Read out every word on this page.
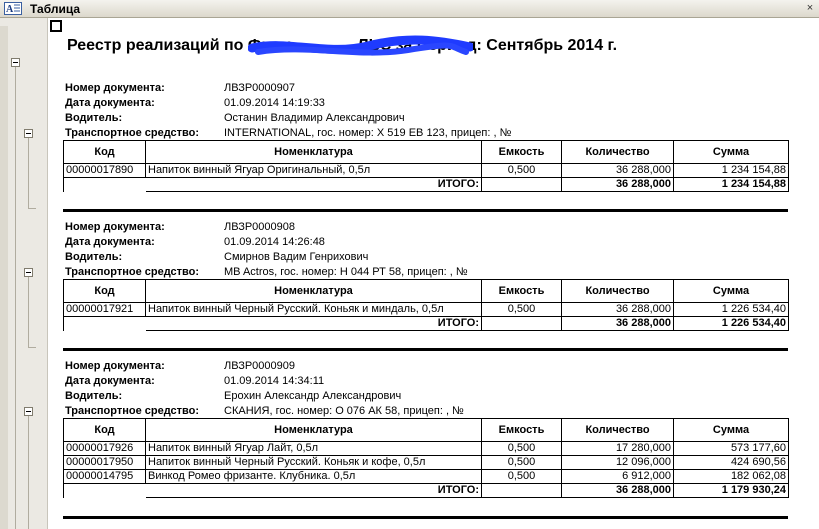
A Таблица	×
Реестр реализаций по Фили	ЛЬС за Период: Сентябрь 2014 г.
Номер документа:	ЛВЗР0000907
Дата документа:	01.09.2014 14:19:33
Водитель:	Останин Владимир Александрович
Транспортное средство: INTERNATIONAL, гос. номер: Х 519 ЕВ 123, прицеп: , №
Код	Номенклатура	Емкость	Количество	Сумма
00000017890	Напиток винный Ягуар Оригинальный, 0,5л	0,500	36 288,000	1 234 154,88
	ИТОГО:		36 288,000	1 234 154,88
Номер документа:	ЛВЗР0000908
Дата документа:	01.09.2014 14:26:48
Водитель:	Смирнов Вадим Генрихович
Транспортное средство: MB Actros, гос. номер: Н 044 РТ 58, прицеп: , №
Код	Номенклатура	Емкость	Количество	Сумма
00000017921	Напиток винный Черный Русский. Коньяк и миндаль, 0,5л	0,500	36 288,000	1 226 534,40
	ИТОГО:		36 288,000	1 226 534,40
Номер документа:	ЛВЗР0000909
Дата документа:	01.09.2014 14:34:11
Водитель:	Ерохин Александр Александрович
Транспортное средство: СКАНИЯ, гос. номер: О 076 АК 58, прицеп: , №
Код	Номенклатура	Емкость	Количество	Сумма
00000017926	Напиток винный Ягуар Лайт, 0,5л	0,500	17 280,000	573 177,60
00000017950	Напиток винный Черный Русский. Коньяк и кофе, 0,5л	0,500	12 096,000	424 690,56
00000014795	Винкод Ромео фризанте. Клубника. 0,5л	0,500	6 912,000	182 062,08
	ИТОГО:		36 288,000	1 179 930,24
